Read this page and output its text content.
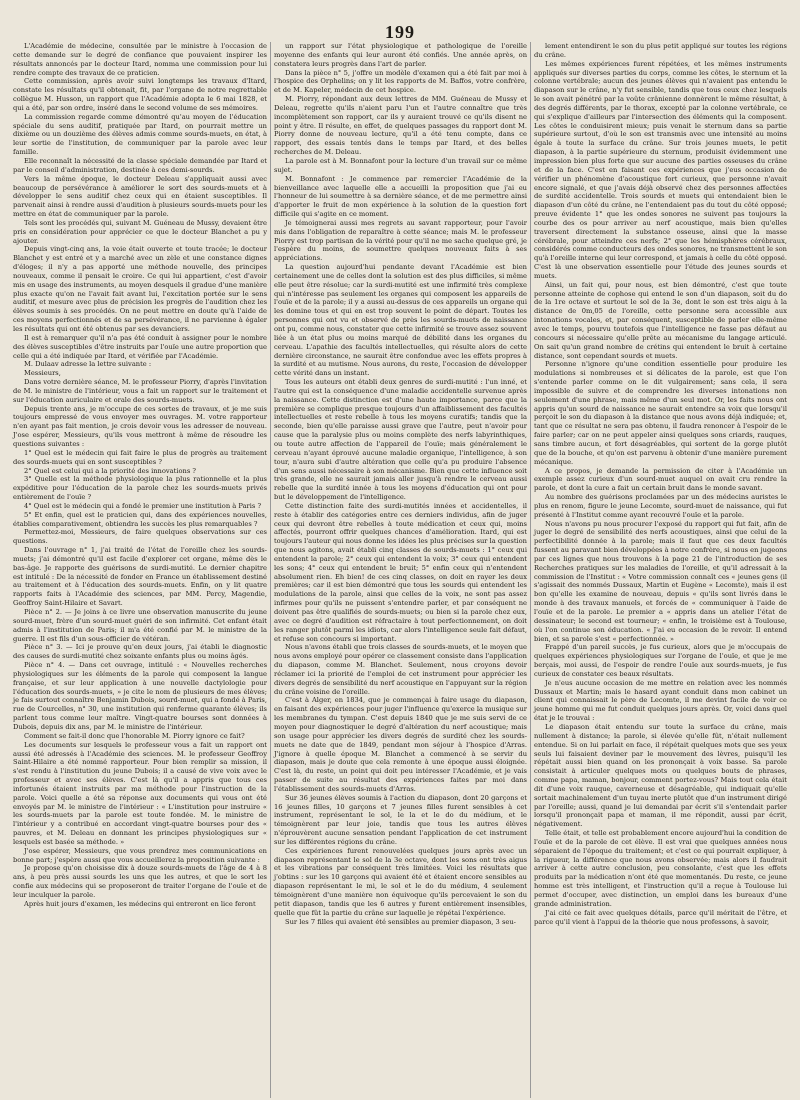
199

L'Académie de médecine, consultée par le ministre à l'occasion de cette demande sur le degré de confiance que pouvaient inspirer les résultats annoncés par le docteur Itard, nomma une commission pour lui rendre compte des travaux de ce praticien.

Cette commission, après avoir suivi longtemps les travaux d'Itard, constate les résultats qu'il obtenait, fit, par l'organe de notre regrettable collègue M. Husson, un rapport que l'Académie adopta le 6 mai 1828, et qui a été, par son ordre, inséré dans le second volume de ses mémoires.

La commission regarde comme démontré qu'au moyen de l'éducation spéciale du sens auditif, pratiquée par Itard, on pourrait mettre un dixième ou un douzième des élèves admis comme sourds-muets, en état, à leur sortie de l'institution, de communiquer par la parole avec leur famille.

Elle reconnaît la nécessité de la classe spéciale demandée par Itard et par le conseil d'administration, destinée à ces demi-sourds.

Vers la même époque, le docteur Deleau s'appliquait aussi avec beaucoup de persévérance à améliorer le sort des sourds-muets et à développer le sens auditif chez ceux qui en étaient susceptibles. Il parvenait ainsi à rendre aussi d'audition à plusieurs sourds-muets pour les mettre en état de communiquer par la parole.

Tels sont les procédés qui, suivant M. Guéneau de Mussy, devaient être pris en considération pour apprécier ce que le docteur Blanchet a pu y ajouter.

Depuis vingt-cinq ans, la voie était ouverte et toute tracée; le docteur Blanchet y est entré et y a marché avec un zèle et une constance dignes d'éloges; il n'y a pas apporté une méthode nouvelle, des principes nouveaux, comme il pensait le croire. Ce qui lui appartient, c'est d'avoir mis en usage des instruments, au moyen desquels il gradue d'une manière plus exacte qu'on ne l'avait fait avant lui, l'excitation portée sur le sens auditif, et mesure avec plus de précision les progrès de l'audition chez les élèves soumis à ses procédés. On ne peut mettre en doute qu'à l'aide de ces moyens perfectionnés et de sa persévérance, il ne parvienne à égaler les résultats qui ont été obtenus par ses devanciers.

Il est à remarquer qu'il n'a pas été conduit à assigner pour le nombre des élèves susceptibles d'être instruits par l'ouïe une autre proportion que celle qui a été indiquée par Itard, et vérifiée par l'Académie.

M. Dulaav adresse la lettre suivante :

Messieurs,

Dans votre dernière séance, M. le professeur Piorry, d'après l'invitation de M. le ministre de l'intérieur, vous a fait un rapport sur le traitement et sur l'éducation auriculaire et orale des sourds-muets.

Depuis trente ans, je m'occupe de ces sortes de travaux, et je me suis toujours empressé de vous envoyer mes ouvrages. M. votre rapporteur n'en ayant pas fait mention, je crois devoir vous les adresser de nouveau. J'ose espérer, Messieurs, qu'ils vous mettront à même de résoudre les questions suivantes :

1° Quel est le médecin qui fait faire le plus de progrès au traitement des sourds-muets qui en sont susceptibles ?

2° Quel est celui qui a la priorité des innovations ?

3° Quelle est la méthode physiologique la plus rationnelle et la plus expéditive pour l'éducation de la parole chez les sourds-muets privés entièrement de l'ouïe ?

4° Quel est le médecin qui a fondé le premier une institution à Paris ?

5° Et enfin, quel est le praticien qui, dans des expériences nouvelles, établies comparativement, obtiendra les succès les plus remarquables ?

Permettez-moi, Messieurs, de faire quelques observations sur ces questions.

Dans l'ouvrage n° 1, j'ai traité de l'état de l'oreille chez les sourds-muets; j'ai démontré qu'il est facile d'explorer cet organe, même dès le bas-âge. Je rapporte des guérisons de surdi-mutité. Le dernier chapitre est intitulé : De la nécessité de fonder en France un établissement destiné au traitement et à l'éducation des sourds-muets. Enfin, on y lit quatre rapports faits à l'Académie des sciences, par MM. Percy, Magendie, Geoffroy Saint-Hilaire et Savart.

Pièce n° 2. — Je joins à ce livre une observation manuscrite du jeune sourd-muet, frère d'un sourd-muet guéri de son infirmité. Cet enfant était admis à l'institution de Paris; il m'a été confié par M. le ministre de la guerre. Il est fils d'un sous-officier de vétéran.

Pièce n° 3. — Ici je prouve qu'en deux jours, j'ai établi le diagnostic des causes de surdi-mutité chez soixante enfants plus ou moins âgés.

Pièce n° 4. — Dans cet ouvrage, intitulé : « Nouvelles recherches physiologiques sur les éléments de la parole qui composent la langue française, et sur leur application à une nouvelle dactylologie pour l'éducation des sourds-muets, » je cite le nom de plusieurs de mes élèves; je fais surtout connaître Benjamin Dubois, sourd-muet, qui a fondé à Paris, rue de Courcelles, n° 30, une institution qui renferme quarante élèves; ils parlent tous comme leur maître. Vingt-quatre bourses sont données à Dubois, depuis dix ans, par M. le ministre de l'intérieur.

Comment se fait-il donc que l'honorable M. Piorry ignore ce fait?

Les documents sur lesquels le professeur vous a fait un rapport ont aussi été adressés à l'Académie des sciences. M. le professeur Geoffroy Saint-Hilaire a été nommé rapporteur. Pour bien remplir sa mission, il s'est rendu à l'institution du jeune Dubois; il a causé de vive voix avec le professeur et avec ses élèves. C'est là qu'il a appris que tous ces infortunés étaient instruits par ma méthode pour l'instruction de la parole. Voici quelle a été sa réponse aux documents qui vous ont été envoyés par M. le ministre de l'intérieur : « L'institution pour instruire « les sourds-muets par la parole est toute fondée. M. le ministre de l'intérieur y a contribué en accordant vingt-quatre bourses pour des « pauvres, et M. Deleau en donnant les principes physiologiques sur « lesquels est basée sa méthode. »

J'ose espérer, Messieurs, que vous prendrez mes communications en bonne part; j'espère aussi que vous accueillerez la proposition suivante :

Je propose qu'on choisisse dix à douze sourds-muets de l'âge de 4 à 8 ans, à peu près aussi sourds les uns que les autres, et que le sort les confie aux médecins qui se proposeront de traiter l'organe de l'ouïe et de leur inculquer la parole.

Après huit jours d'examen, les médecins qui entreront en lice feront

un rapport sur l'état physiologique et pathologique de l'oreille moyenne des enfants qui leur auront été confiés. Une année après, on constatera leurs progrès dans l'art de parler.

Dans la pièce n° 5, j'offre un modèle d'examen qui a été fait par moi à l'hospice des Orphelins; on y lit les rapports de M. Baffos, votre confrère, et de M. Kapeler, médecin de cet hospice.

M. Piorry, répondant aux deux lettres de MM. Guéneau de Mussy et Deleau, regrette qu'ils n'aient paru l'un et l'autre connaître que très incomplètement son rapport, car ils y auraient trouvé ce qu'ils disent ne point y être. Il résulte, en effet, de quelques passages du rapport dont M. Piorry donne de nouveau lecture, qu'il a été tenu compte, dans ce rapport, des essais tentés dans le temps par Itard, et des belles recherches de M. Deleau.

La parole est à M. Bonnafont pour la lecture d'un travail sur ce même sujet.

M. Bonnafont : Je commence par remercier l'Académie de la bienveillance avec laquelle elle a accueilli la proposition que j'ai eu l'honneur de lui soumettre à sa dernière séance, et de me permettre ainsi d'apporter le fruit de mon expérience à la solution de la question fort difficile qui s'agite en ce moment.

Je témoignerai aussi mes regrets au savant rapporteur, pour l'avoir mis dans l'obligation de reparaître à cette séance; mais M. le professeur Piorry est trop partisan de la vérité pour qu'il ne me sache quelque gré, je l'espère du moins, de soumettre quelques nouveaux faits à ses appréciations.

La question aujourd'hui pendante devant l'Académie est bien certainement une de celles dont la solution est des plus difficiles, si même elle peut être résolue; car la surdi-mutité est une infirmité très complexe qui n'intéresse pas seulement les organes qui composent les appareils de l'ouïe et de la parole; il y a aussi au-dessus de ces appareils un organe qui les domine tous et qui en est trop souvent le point de départ. Toutes les personnes qui ont vu et observé de près les sourds-muets de naissance ont pu, comme nous, constater que cette infirmité se trouve assez souvent liée à un état plus ou moins marqué de débilité dans les organes du cerveau. L'apathie des facultés intellectuelles, qui résulte alors de cette dernière circonstance, ne saurait être confondue avec les effets propres à la surdité et au mutisme. Nous aurons, du reste, l'occasion de développer cette vérité dans un instant.

Tous les auteurs ont établi deux genres de surdi-mutité : l'un inné, et l'autre qui est la conséquence d'une maladie accidentelle survenue après la naissance. Cette distinction est d'une haute importance, parce que la première se complique presque toujours d'un affaiblissement des facultés intellectuelles et reste rebelle à tous les moyens curatifs; tandis que la seconde, bien qu'elle paraisse aussi grave que l'autre, peut n'avoir pour cause que la paralysie plus ou moins complète des nerfs labyrinthiques, ou toute autre affection de l'appareil de l'ouïe; mais généralement le cerveau n'ayant éprouvé aucune maladie organique, l'intelligence, à son tour, n'aura subi d'autre altération que celle qu'a pu produire l'absence d'un sens aussi nécessaire à son mécanisme. Bien que cette influence soit très grande, elle ne saurait jamais aller jusqu'à rendre le cerveau aussi rebelle que la surdité innée à tous les moyens d'éducation qui ont pour but le développement de l'intelligence.

Cette distinction faite des surdi-mutités innées et accidentelles, il reste à établir des catégories entre ces derniers individus, afin de juger ceux qui devront être rebelles à toute médication et ceux qui, moins affectés, pourront offrir quelques chances d'amélioration. Itard, qui est toujours l'auteur qui nous donne les idées les plus précises sur la question que nous agitons, avait établi cinq classes de sourds-muets : 1° ceux qui entendent la parole; 2° ceux qui entendent la voix; 3° ceux qui entendent les sons; 4° ceux qui entendent le bruit; 5° enfin ceux qui n'entendent absolument rien. Eh bien! de ces cinq classes, on doit en rayer les deux premières; car il est bien démontré que tous les sourds qui entendent les modulations de la parole, ainsi que celles de la voix, ne sont pas assez infirmes pour qu'ils ne puissent s'entendre parler, et par conséquent ne doivent pas être qualifiés de sourds-muets; ou bien si la parole chez eux, avec ce degré d'audition est réfractaire à tout perfectionnement, on doit les ranger plutôt parmi les idiots, car alors l'intelligence seule fait défaut, et refuse son concours si important.

Nous n'avons établi que trois classes de sourds-muets, et le moyen que nous avons employé pour opérer ce classement consiste dans l'application du diapason, comme M. Blanchet. Seulement, nous croyons devoir réclamer ici la priorité de l'emploi de cet instrument pour apprécier les divers degrés de sensibilité du nerf acoustique en l'appuyant sur la région du crâne voisine de l'oreille.

C'est à Alger, en 1834, que je commençai à faire usage du diapason, en faisant des expériences pour juger l'influence qu'exerce la musique sur les membranes du tympan. C'est depuis 1840 que je me suis servi de ce moyen pour diagnostiquer le degré d'altération du nerf acoustique; mais son usage pour apprécier les divers degrés de surdité chez les sourds-muets ne date que de 1849, pendant mon séjour à l'hospice d'Arras. J'ignore à quelle époque M. Blanchet a commencé à se servir du diapason, mais je doute que cela remonte à une époque aussi éloignée. C'est là, du reste, un point qui doit peu intéresser l'Académie, et je vais passer de suite au résultat des expériences faites par moi dans l'établissement des sourds-muets d'Arras.

Sur 36 jeunes élèves soumis à l'action du diapason, dont 20 garçons et 16 jeunes filles, 10 garçons et 7 jeunes filles furent sensibles à cet instrument, représentant le sol, le la et le do du médium, et le témoignèrent par leur joie, tandis que tous les autres élèves n'éprouvèrent aucune sensation pendant l'application de cet instrument sur les différentes régions du crâne.

Ces expériences furent renouvelées quelques jours après avec un diapason représentant le sol de la 3e octave, dont les sons ont très aigus et les vibrations par conséquent très limitées. Voici les résultats que j'obtins : sur les 10 garçons qui avaient été et étaient encore sensibles au diapason représentant le mi, le sol et le do du médium, 4 seulement témoignèrent d'une manière non équivoque qu'ils percevaient le son du petit diapason, tandis que les 6 autres y furent entièrement insensibles, quelle que fût la partie du crâne sur laquelle je répétai l'expérience.

Sur les 7 filles qui avaient été sensibles au premier diapason, 3 seu-

lement entendirent le son du plus petit appliqué sur toutes les régions du crâne.

Les mêmes expériences furent répétées, et les mêmes instruments appliqués sur diverses parties du corps, comme les côtes, le sternum et la colonne vertébrale; aucun des jeunes élèves qui n'avaient pas entendu le diapason sur le crâne, n'y fut sensible, tandis que tous ceux chez lesquels le son avait pénétré par la voûte crânienne donnèrent le même résultat, à des degrés différents, par le thorax, excepté par la colonne vertébrale, ce qui s'explique d'ailleurs par l'intersection des éléments qui la composent. Les côtes le conduisirent mieux; puis venait le sternum dans sa partie supérieure surtout, d'où le son est transmis avec une intensité au moins égale à toute la surface du crâne. Sur trois jeunes muets, le petit diapason, à la partie supérieure du sternum, produisit évidemment une impression bien plus forte que sur aucune des parties osseuses du crâne et de la face. C'est en faisant ces expériences que j'eus occasion de vérifier un phénomène d'acoustique fort curieux, que personne n'avait encore signalé, et que j'avais déjà observé chez des personnes affectées de surdité accidentelle. Trois sourds et muets qui entendaient bien le diapason d'un côté du crâne, ne l'entendaient pas du tout du côté opposé; preuve évidente 1° que les ondes sonores ne suivent pas toujours la courbe des os pour arriver au nerf acoustique, mais bien qu'elles traversent directement la substance osseuse, ainsi que la masse cérébrale, pour atteindre ces nerfs; 2° que les hémisphères cérébraux, considérés comme conducteurs des ondes sonores, ne transmettent le son qu'à l'oreille interne qui leur correspond, et jamais à celle du côté opposé. C'est là une observation essentielle pour l'étude des jeunes sourds et muets.

Ainsi, un fait qui, pour nous, est bien démontré, c'est que toute personne atteinte de cophose qui entend le son d'un diapason, soit du do de la 1re octave et surtout le sol de la 3e, dont le son est très aigu à la distance de 0m,05 de l'oreille, cette personne sera accessible aux intonations vocales, et, par conséquent, susceptible de parler elle-même avec le temps, pourvu toutefois que l'intelligence ne fasse pas défaut au concours si nécessaire qu'elle prête au mécanisme du langage articulé. On sait qu'un grand nombre de crétins qui entendent le bruit à certaine distance, sont cependant sourds et muets.

Personne n'ignore qu'une condition essentielle pour produire les modulations si nombreuses et si délicates de la parole, est que l'on s'entende parler comme on le dit vulgairement; sans cela, il sera impossible de suivre et de comprendre les diverses intonations non seulement d'une phrase, mais même d'un seul mot. Or, les faits nous ont appris qu'un sourd de naissance ne saurait entendre sa voix que lorsqu'il perçoit le son du diapason à la distance que nous avons déjà indiquée; et, tant que ce résultat ne sera pas obtenu, il faudra renoncer à l'espoir de le faire parler; car on ne peut appeler ainsi quelques sons criards, rauques, sans timbre aucun, et fort désagréables, qui sortent de la gorge plutôt que de la bouche, et qu'on est parvenu à obtenir d'une manière purement mécanique.

A ce propos, je demande la permission de citer à l'Académie un exemple assez curieux d'un sourd-muet auquel on avait cru rendre la parole, et dont la cure a fait un certain bruit dans le monde savant.

Au nombre des guérisons proclamées par un des médecins auristes le plus en renom, figure le jeune Lecomte, sourd-muet de naissance, qui fut présenté à l'Institut comme ayant recouvré l'ouïe et la parole.

Nous n'avons pu nous procurer l'exposé du rapport qui fut fait, afin de juger le degré de sensibilité des nerfs acoustiques, ainsi que celui de la perfectibilité donnée à la parole; mais il faut que ces deux facultés fussent au paravant bien développées à notre confrère, si nous en jugeons par ces lignes que nous trouvons à la page 21 de l'introduction de ses Recherches pratiques sur les maladies de l'oreille, et qu'il adressait à la commission de l'Institut : « Votre commission connaît ces « jeunes gens (il s'agissait des nommés Dussaux, Martin et Eugène « Lecomte), mais il est bon qu'elle les examine de nouveau, depuis « qu'ils sont livrés dans le monde à des travaux manuels, et forcés de « communiquer à l'aide de l'ouïe et de la parole. Le premier a « appris dans un atelier l'état de dessinateur; le second est tourneur; « enfin, le troisième est à Toulouse, où l'on continue son éducation. « J'ai eu occasion de le revoir. Il entend bien, et sa parole s'est « perfectionnée. »

Frappé d'un pareil succès, je fus curieux, alors que je m'occupais de quelques expériences physiologiques sur l'organe de l'ouïe, et que je me berçais, moi aussi, de l'espoir de rendre l'ouïe aux sourds-muets, je fus curieux de constater ces beaux résultats.

Je n'eus aucune occasion de me mettre en relation avec les nommés Dussaux et Martin; mais le hasard ayant conduit dans mon cabinet un client qui connaissait le père de Lecomte, il me devint facile de voir ce jeune homme qui me fut conduit quelques jours après. Or, voici dans quel état je le trouvai :

Le diapason était entendu sur toute la surface du crâne, mais nullement à distance; la parole, si élevée qu'elle fût, n'était nullement entendue. Si on lui parlait en face, il répétait quelques mots que ses yeux seuls lui faisaient deviner par le mouvement des lèvres, puisqu'il les répétait aussi bien quand on les prononçait à voix basse. Sa parole consistait à articuler quelques mots ou quelques bouts de phrases, comme papa, maman, bonjour, comment portez-vous? Mais tout cela était dit d'une voix rauque, caverneuse et désagréable, qui indiquait qu'elle sortait machinalement d'un tuyau inerte plutôt que d'un instrument dirigé par l'oreille; aussi, quand je lui demandai par écrit s'il s'entendait parler lorsqu'il prononçait papa et maman, il me répondit, aussi par écrit, négativement.

Telle était, et telle est probablement encore aujourd'hui la condition de l'ouïe et de la parole de cet élève. Il est vrai que quelques années nous séparaient de l'époque du traitement; et c'est ce qui pourrait expliquer, à la rigueur, la différence que nous avons observée; mais alors il faudrait arriver à cette autre conclusion, peu consolante, c'est que les effets produits par la médication n'ont été que momentanés. Du reste, ce jeune homme est très intelligent, et l'instruction qu'il a reçue à Toulouse lui permet d'occuper, avec distinction, un emploi dans les bureaux d'une grande administration.

J'ai cité ce fait avec quelques détails, parce qu'il méritait de l'être, et parce qu'il vient à l'appui de la théorie que nous professons, à savoir,
